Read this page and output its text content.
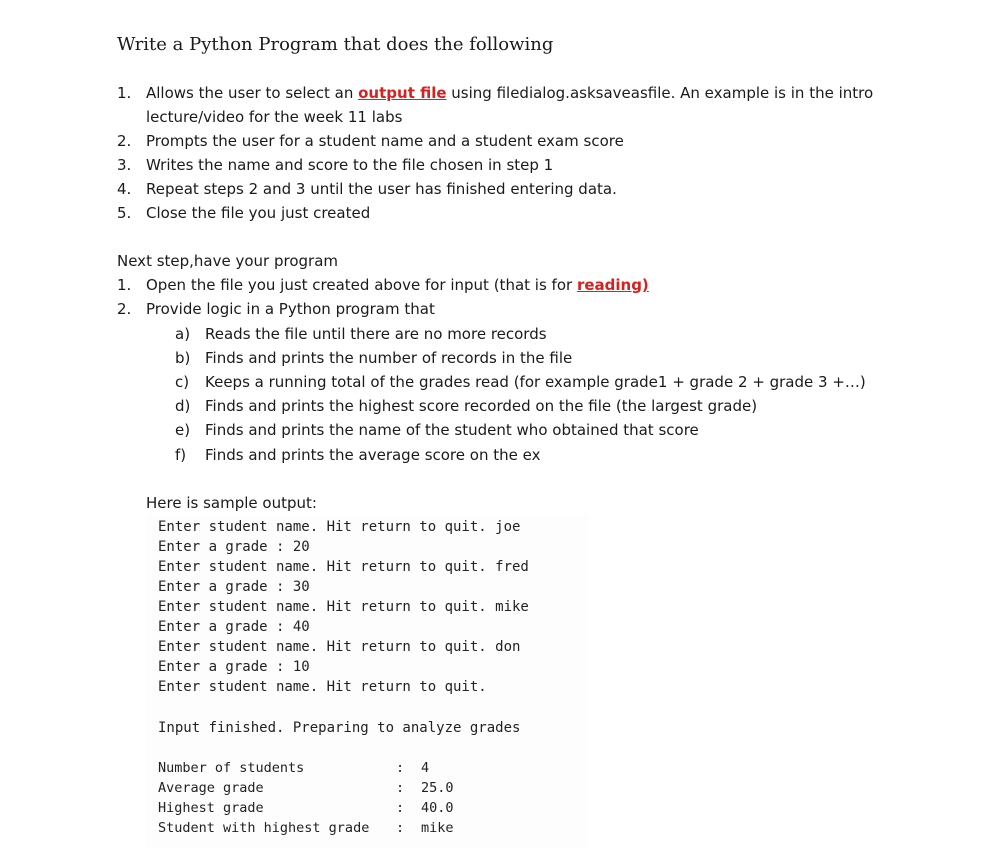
Write a Python Program that does the following
1. Allows the user to select an output file using filedialog.asksaveasfile. An example is in the intro
lecture/video for the week 11 labs
2. Prompts the user for a student name and a student exam score
3. Writes the name and score to the file chosen in step 1
4. Repeat steps 2 and 3 until the user has finished entering data.
5. Close the file you just created
Next step,have your program
1. Open the file you just created above for input (that is for reading)
2. Provide logic in a Python program that
a) Reads the file until there are no more records
b) Finds and prints the number of records in the file
c) Keeps a running total of the grades read (for example grade1 + grade 2 + grade 3 +…)
d) Finds and prints the highest score recorded on the file (the largest grade)
e) Finds and prints the name of the student who obtained that score
f) Finds and prints the average score on the ex
Here is sample output:
Enter student name. Hit return to quit. joe
Enter a grade : 20
Enter student name. Hit return to quit. fred
Enter a grade : 30
Enter student name. Hit return to quit. mike
Enter a grade : 40
Enter student name. Hit return to quit. don
Enter a grade : 10
Enter student name. Hit return to quit.
Input finished. Preparing to analyze grades
Number of students	: 4
Average grade	: 25.0
Highest grade	: 40.0
Student with highest grade : mike
